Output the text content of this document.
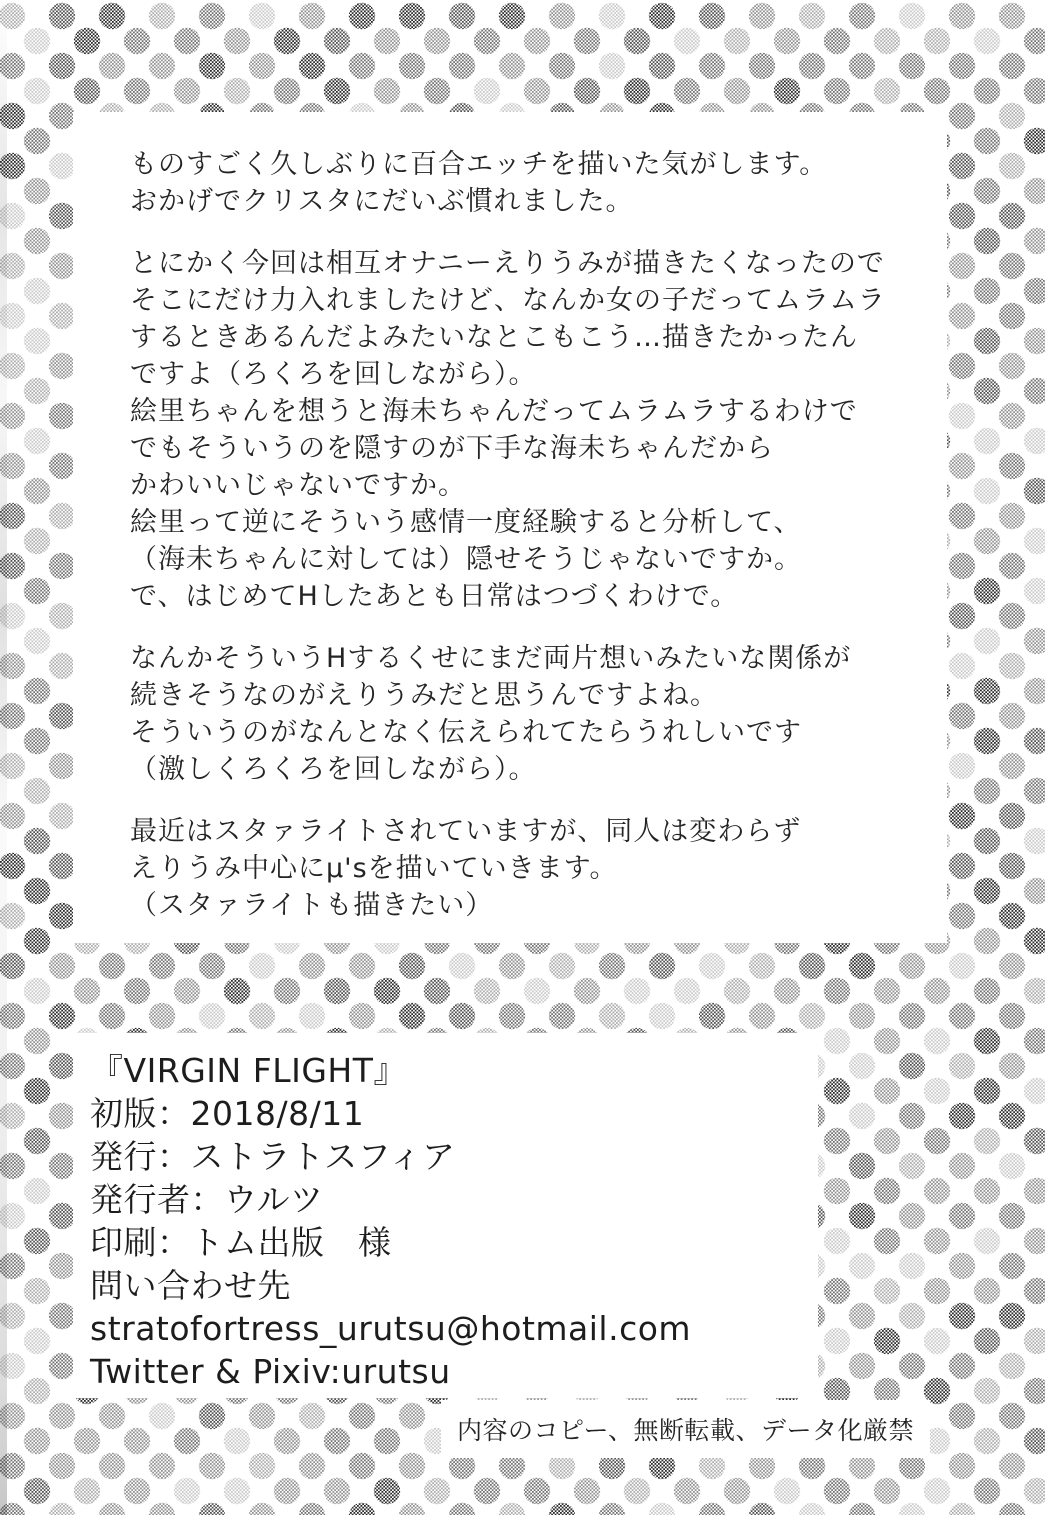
ものすごく久しぶりに百合エッチを描いた気がします。
おかげでクリスタにだいぶ慣れました。
とにかく今回は相互オナニーえりうみが描きたくなったので
そこにだけ力入れましたけど、なんか女の子だってムラムラ
するときあるんだよみたいなとこもこう…描きたかったん
ですよ（ろくろを回しながら）。
絵里ちゃんを想うと海未ちゃんだってムラムラするわけで
でもそういうのを隠すのが下手な海未ちゃんだから
かわいいじゃないですか。
絵里って逆にそういう感情一度経験すると分析して、
（海未ちゃんに対しては）隠せそうじゃないですか。
で、はじめてHしたあとも日常はつづくわけで。
なんかそういうHするくせにまだ両片想いみたいな関係が
続きそうなのがえりうみだと思うんですよね。
そういうのがなんとなく伝えられてたらうれしいです
（激しくろくろを回しながら）。
最近はスタァライトされていますが、同人は変わらず
えりうみ中心にμ'sを描いていきます。
（スタァライトも描きたい）
『VIRGIN FLIGHT』
初版：2018/8/11
発行：ストラトスフィア
発行者：ウルツ
印刷：トム出版　様
問い合わせ先
stratofortress_urutsu@hotmail.com
Twitter & Pixiv:urutsu
内容のコピー、無断転載、データ化厳禁
